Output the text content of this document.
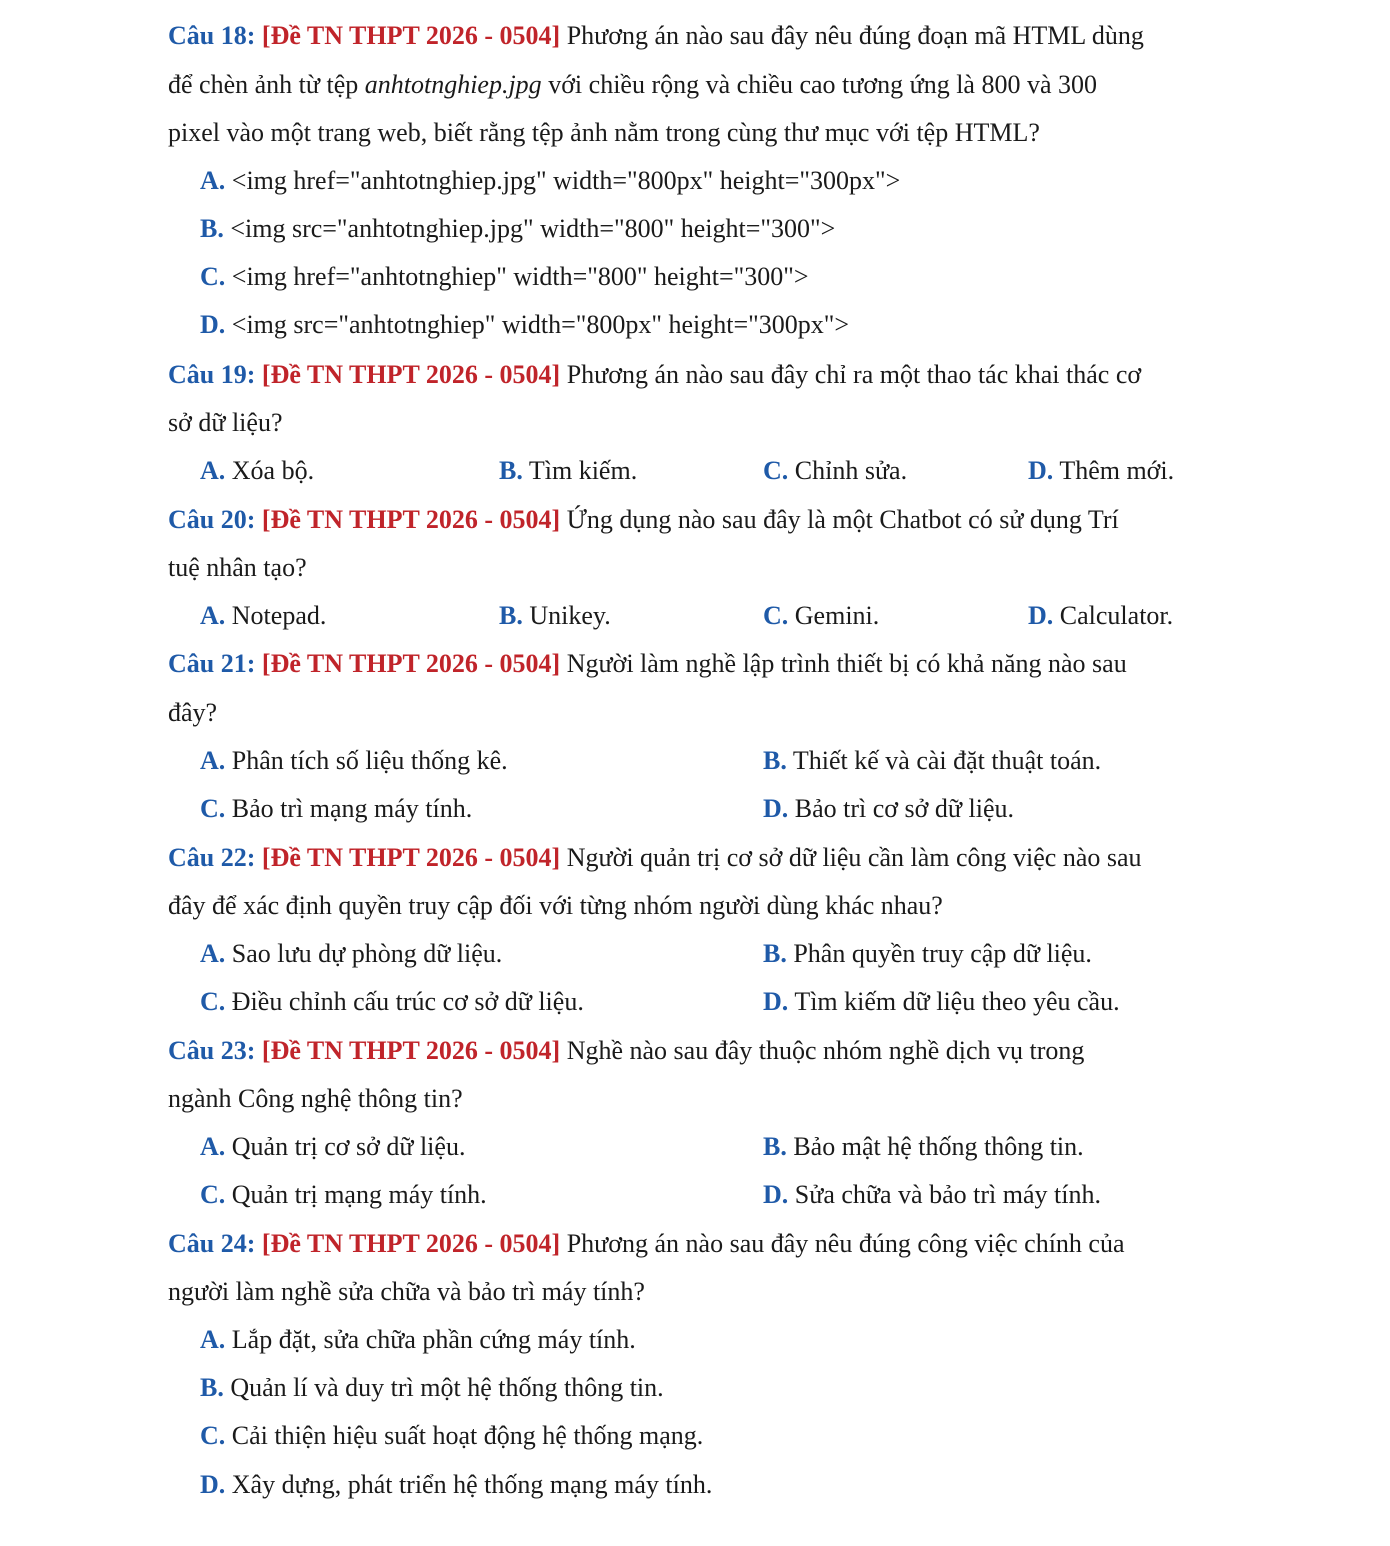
Câu 18: [Đề TN THPT 2026 - 0504] Phương án nào sau đây nêu đúng đoạn mã HTML dùng

để chèn ảnh từ tệp anhtotnghiep.jpg với chiều rộng và chiều cao tương ứng là 800 và 300

pixel vào một trang web, biết rằng tệp ảnh nằm trong cùng thư mục với tệp HTML?

A. <img href="anhtotnghiep.jpg" width="800px" height="300px">

B. <img src="anhtotnghiep.jpg" width="800" height="300">

C. <img href="anhtotnghiep" width="800" height="300">

D. <img src="anhtotnghiep" width="800px" height="300px">

Câu 19: [Đề TN THPT 2026 - 0504] Phương án nào sau đây chỉ ra một thao tác khai thác cơ

sở dữ liệu?

A. Xóa bộ.	B. Tìm kiếm.	C. Chỉnh sửa.	D. Thêm mới.

Câu 20: [Đề TN THPT 2026 - 0504] Ứng dụng nào sau đây là một Chatbot có sử dụng Trí

tuệ nhân tạo?

A. Notepad.	B. Unikey.	C. Gemini.	D. Calculator.

Câu 21: [Đề TN THPT 2026 - 0504] Người làm nghề lập trình thiết bị có khả năng nào sau

đây?

A. Phân tích số liệu thống kê.	B. Thiết kế và cài đặt thuật toán.

C. Bảo trì mạng máy tính.	D. Bảo trì cơ sở dữ liệu.

Câu 22: [Đề TN THPT 2026 - 0504] Người quản trị cơ sở dữ liệu cần làm công việc nào sau

đây để xác định quyền truy cập đối với từng nhóm người dùng khác nhau?

A. Sao lưu dự phòng dữ liệu.	B. Phân quyền truy cập dữ liệu.

C. Điều chỉnh cấu trúc cơ sở dữ liệu.	D. Tìm kiếm dữ liệu theo yêu cầu.

Câu 23: [Đề TN THPT 2026 - 0504] Nghề nào sau đây thuộc nhóm nghề dịch vụ trong

ngành Công nghệ thông tin?

A. Quản trị cơ sở dữ liệu.	B. Bảo mật hệ thống thông tin.

C. Quản trị mạng máy tính.	D. Sửa chữa và bảo trì máy tính.

Câu 24: [Đề TN THPT 2026 - 0504] Phương án nào sau đây nêu đúng công việc chính của

người làm nghề sửa chữa và bảo trì máy tính?

A. Lắp đặt, sửa chữa phần cứng máy tính.

B. Quản lí và duy trì một hệ thống thông tin.

C. Cải thiện hiệu suất hoạt động hệ thống mạng.

D. Xây dựng, phát triển hệ thống mạng máy tính.
